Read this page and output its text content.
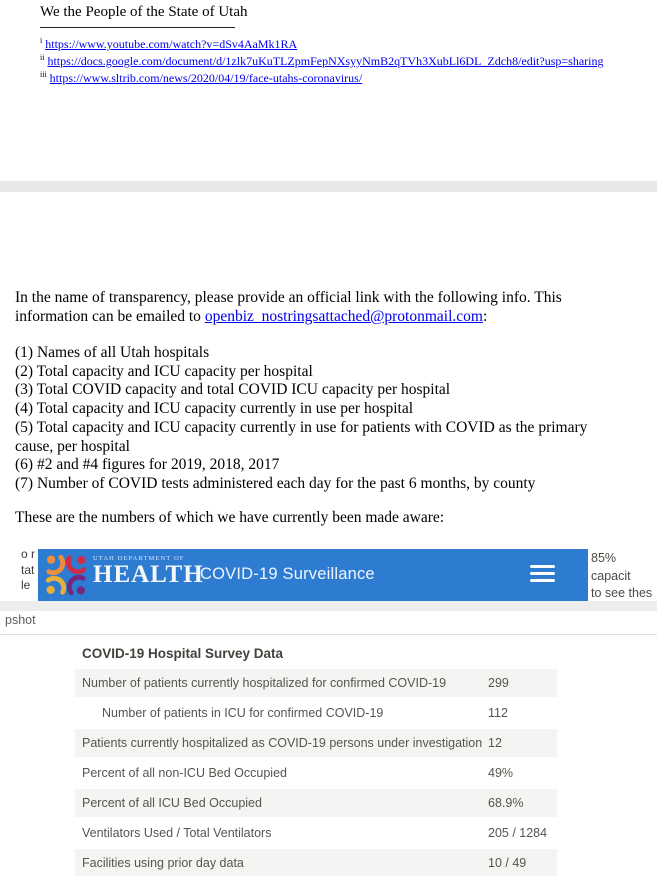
We the People of the State of Utah
$^i$ https://www.youtube.com/watch?v=dSv4AaMk1RA
$^{ii}$ https://docs.google.com/document/d/1zlk7uKuTLZpmFepNXsyyNmB2qTVh3XubLl6DL_Zdch8/edit?usp=sharing
$^{iii}$ https://www.sltrib.com/news/2020/04/19/face-utahs-coronavirus/
In the name of transparency, please provide an official link with the following info. This
information can be emailed to openbiz_nostringsattached@protonmail.com:
(1) Names of all Utah hospitals
(2) Total capacity and ICU capacity per hospital
(3) Total COVID capacity and total COVID ICU capacity per hospital
(4) Total capacity and ICU capacity currently in use per hospital
(5) Total capacity and ICU capacity currently in use for patients with COVID as the primary cause, per hospital
(6) #2 and #4 figures for 2019, 2018, 2017
(7) Number of COVID tests administered each day for the past 6 months, by county
These are the numbers of which we have currently been made aware:
o r
tat
le
85% capacit
to see thes
UTAH DEPARTMENT OF
HEALTH
COVID-19 Surveillance
pshot
COVID-19 Hospital Survey Data
Number of patients currently hospitalized for confirmed COVID-19	299
Number of patients in ICU for confirmed COVID-19	112
Patients currently hospitalized as COVID-19 persons under investigation 12
Percent of all non-ICU Bed Occupied	49%
Percent of all ICU Bed Occupied	68.9%
Ventilators Used / Total Ventilators	205 / 1284
Facilities using prior day data	10 / 49
